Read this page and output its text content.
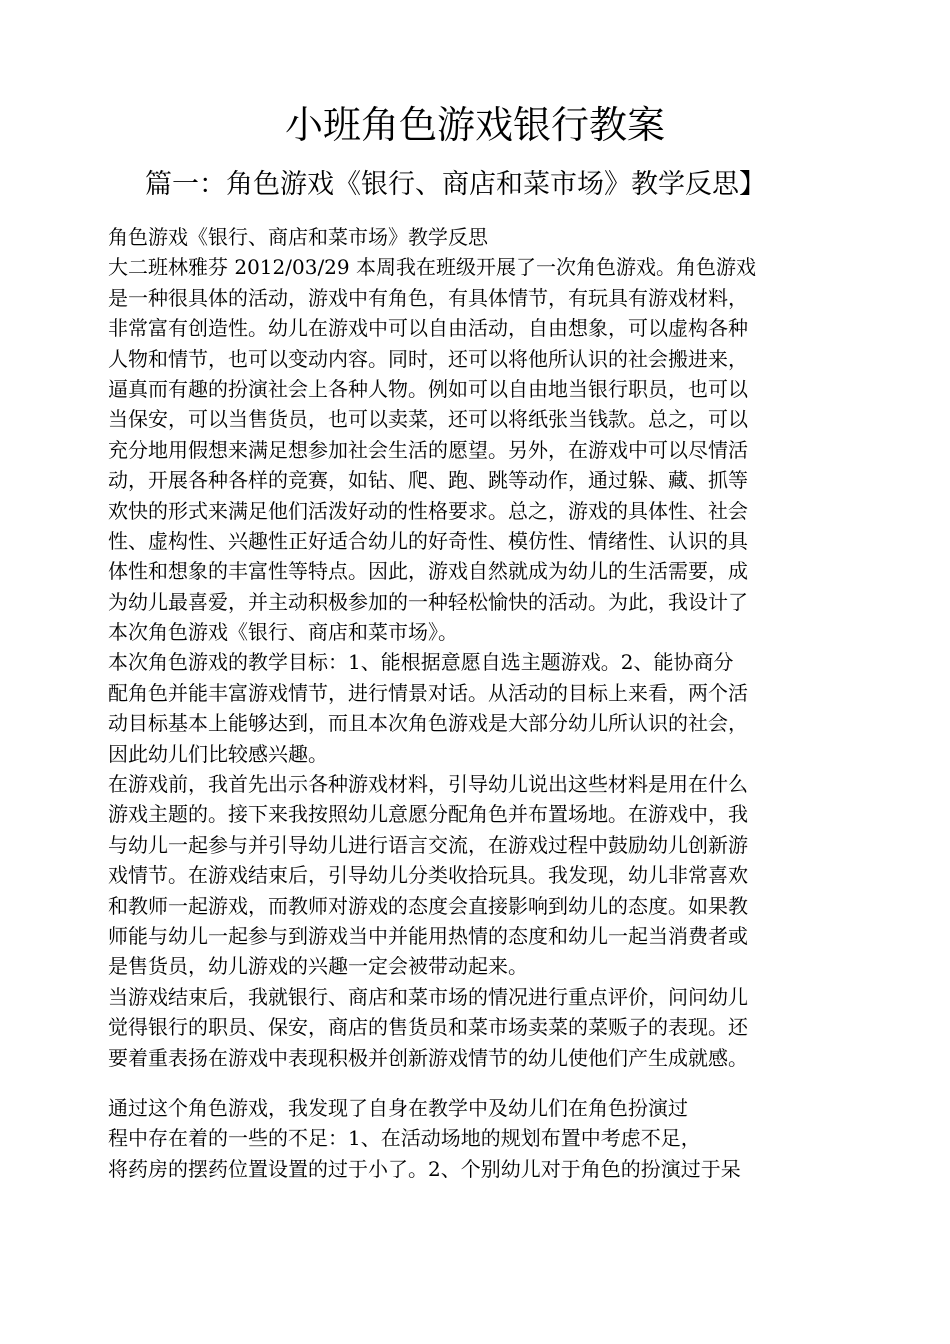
小班角色游戏银行教案
篇一：角色游戏《银行、商店和菜市场》教学反思】
角色游戏《银行、商店和菜市场》教学反思
大二班林雅芬 2012/03/29 本周我在班级开展了一次角色游戏。角色游戏
是一种很具体的活动，游戏中有角色，有具体情节，有玩具有游戏材料，
非常富有创造性。幼儿在游戏中可以自由活动，自由想象，可以虚构各种
人物和情节，也可以变动内容。同时，还可以将他所认识的社会搬进来，
逼真而有趣的扮演社会上各种人物。例如可以自由地当银行职员，也可以
当保安，可以当售货员，也可以卖菜，还可以将纸张当钱款。总之，可以
充分地用假想来满足想参加社会生活的愿望。另外，在游戏中可以尽情活
动，开展各种各样的竞赛，如钻、爬、跑、跳等动作，通过躲、藏、抓等
欢快的形式来满足他们活泼好动的性格要求。总之，游戏的具体性、社会
性、虚构性、兴趣性正好适合幼儿的好奇性、模仿性、情绪性、认识的具
体性和想象的丰富性等特点。因此，游戏自然就成为幼儿的生活需要，成
为幼儿最喜爱，并主动积极参加的一种轻松愉快的活动。为此，我设计了
本次角色游戏《银行、商店和菜市场》。
本次角色游戏的教学目标：1、能根据意愿自选主题游戏。2、能协商分
配角色并能丰富游戏情节，进行情景对话。从活动的目标上来看，两个活
动目标基本上能够达到，而且本次角色游戏是大部分幼儿所认识的社会，
因此幼儿们比较感兴趣。
在游戏前，我首先出示各种游戏材料，引导幼儿说出这些材料是用在什么
游戏主题的。接下来我按照幼儿意愿分配角色并布置场地。在游戏中，我
与幼儿一起参与并引导幼儿进行语言交流，在游戏过程中鼓励幼儿创新游
戏情节。在游戏结束后，引导幼儿分类收拾玩具。我发现，幼儿非常喜欢
和教师一起游戏，而教师对游戏的态度会直接影响到幼儿的态度。如果教
师能与幼儿一起参与到游戏当中并能用热情的态度和幼儿一起当消费者或
是售货员，幼儿游戏的兴趣一定会被带动起来。
当游戏结束后，我就银行、商店和菜市场的情况进行重点评价，问问幼儿
觉得银行的职员、保安，商店的售货员和菜市场卖菜的菜贩子的表现。还
要着重表扬在游戏中表现积极并创新游戏情节的幼儿使他们产生成就感。
通过这个角色游戏，我发现了自身在教学中及幼儿们在角色扮演过
程中存在着的一些的不足：1、在活动场地的规划布置中考虑不足，
将药房的摆药位置设置的过于小了。2、个别幼儿对于角色的扮演过于呆
